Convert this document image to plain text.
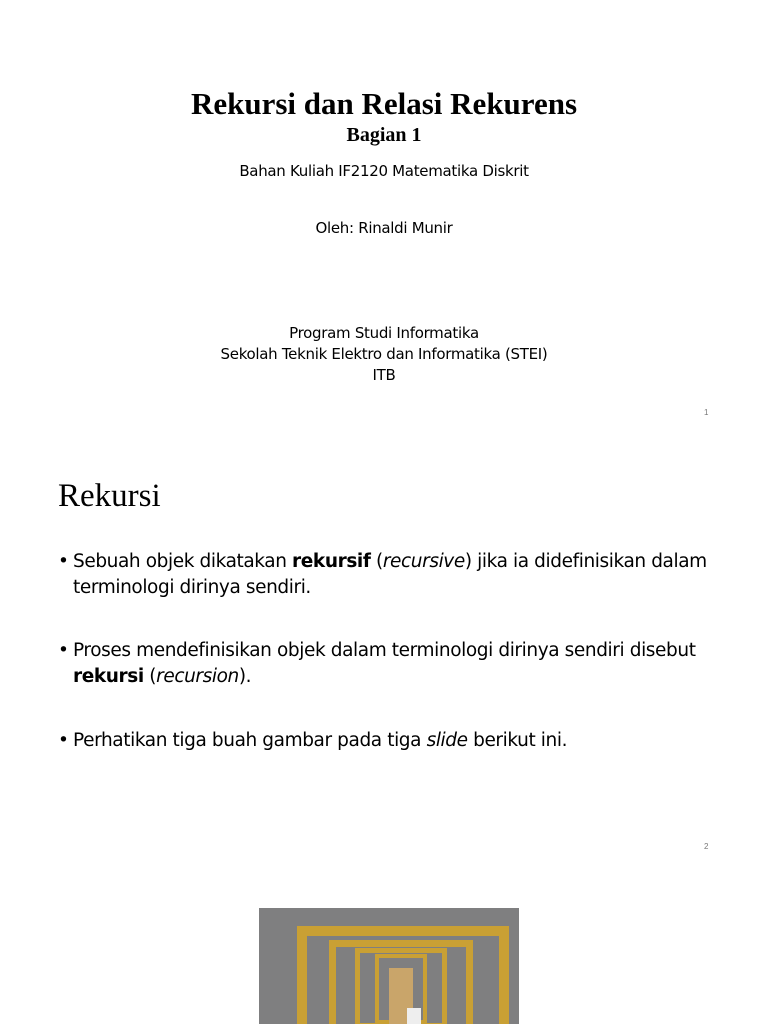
Rekursi dan Relasi Rekurens
Bagian 1
Bahan Kuliah IF2120 Matematika Diskrit
Oleh: Rinaldi Munir
Program Studi Informatika
Sekolah Teknik Elektro dan Informatika (STEI)
ITB
1
Rekursi
• Sebuah objek dikatakan rekursif (recursive) jika ia didefinisikan dalam terminologi dirinya sendiri.
• Proses mendefinisikan objek dalam terminologi dirinya sendiri disebut rekursi (recursion).
• Perhatikan tiga buah gambar pada tiga slide berikut ini.
2
